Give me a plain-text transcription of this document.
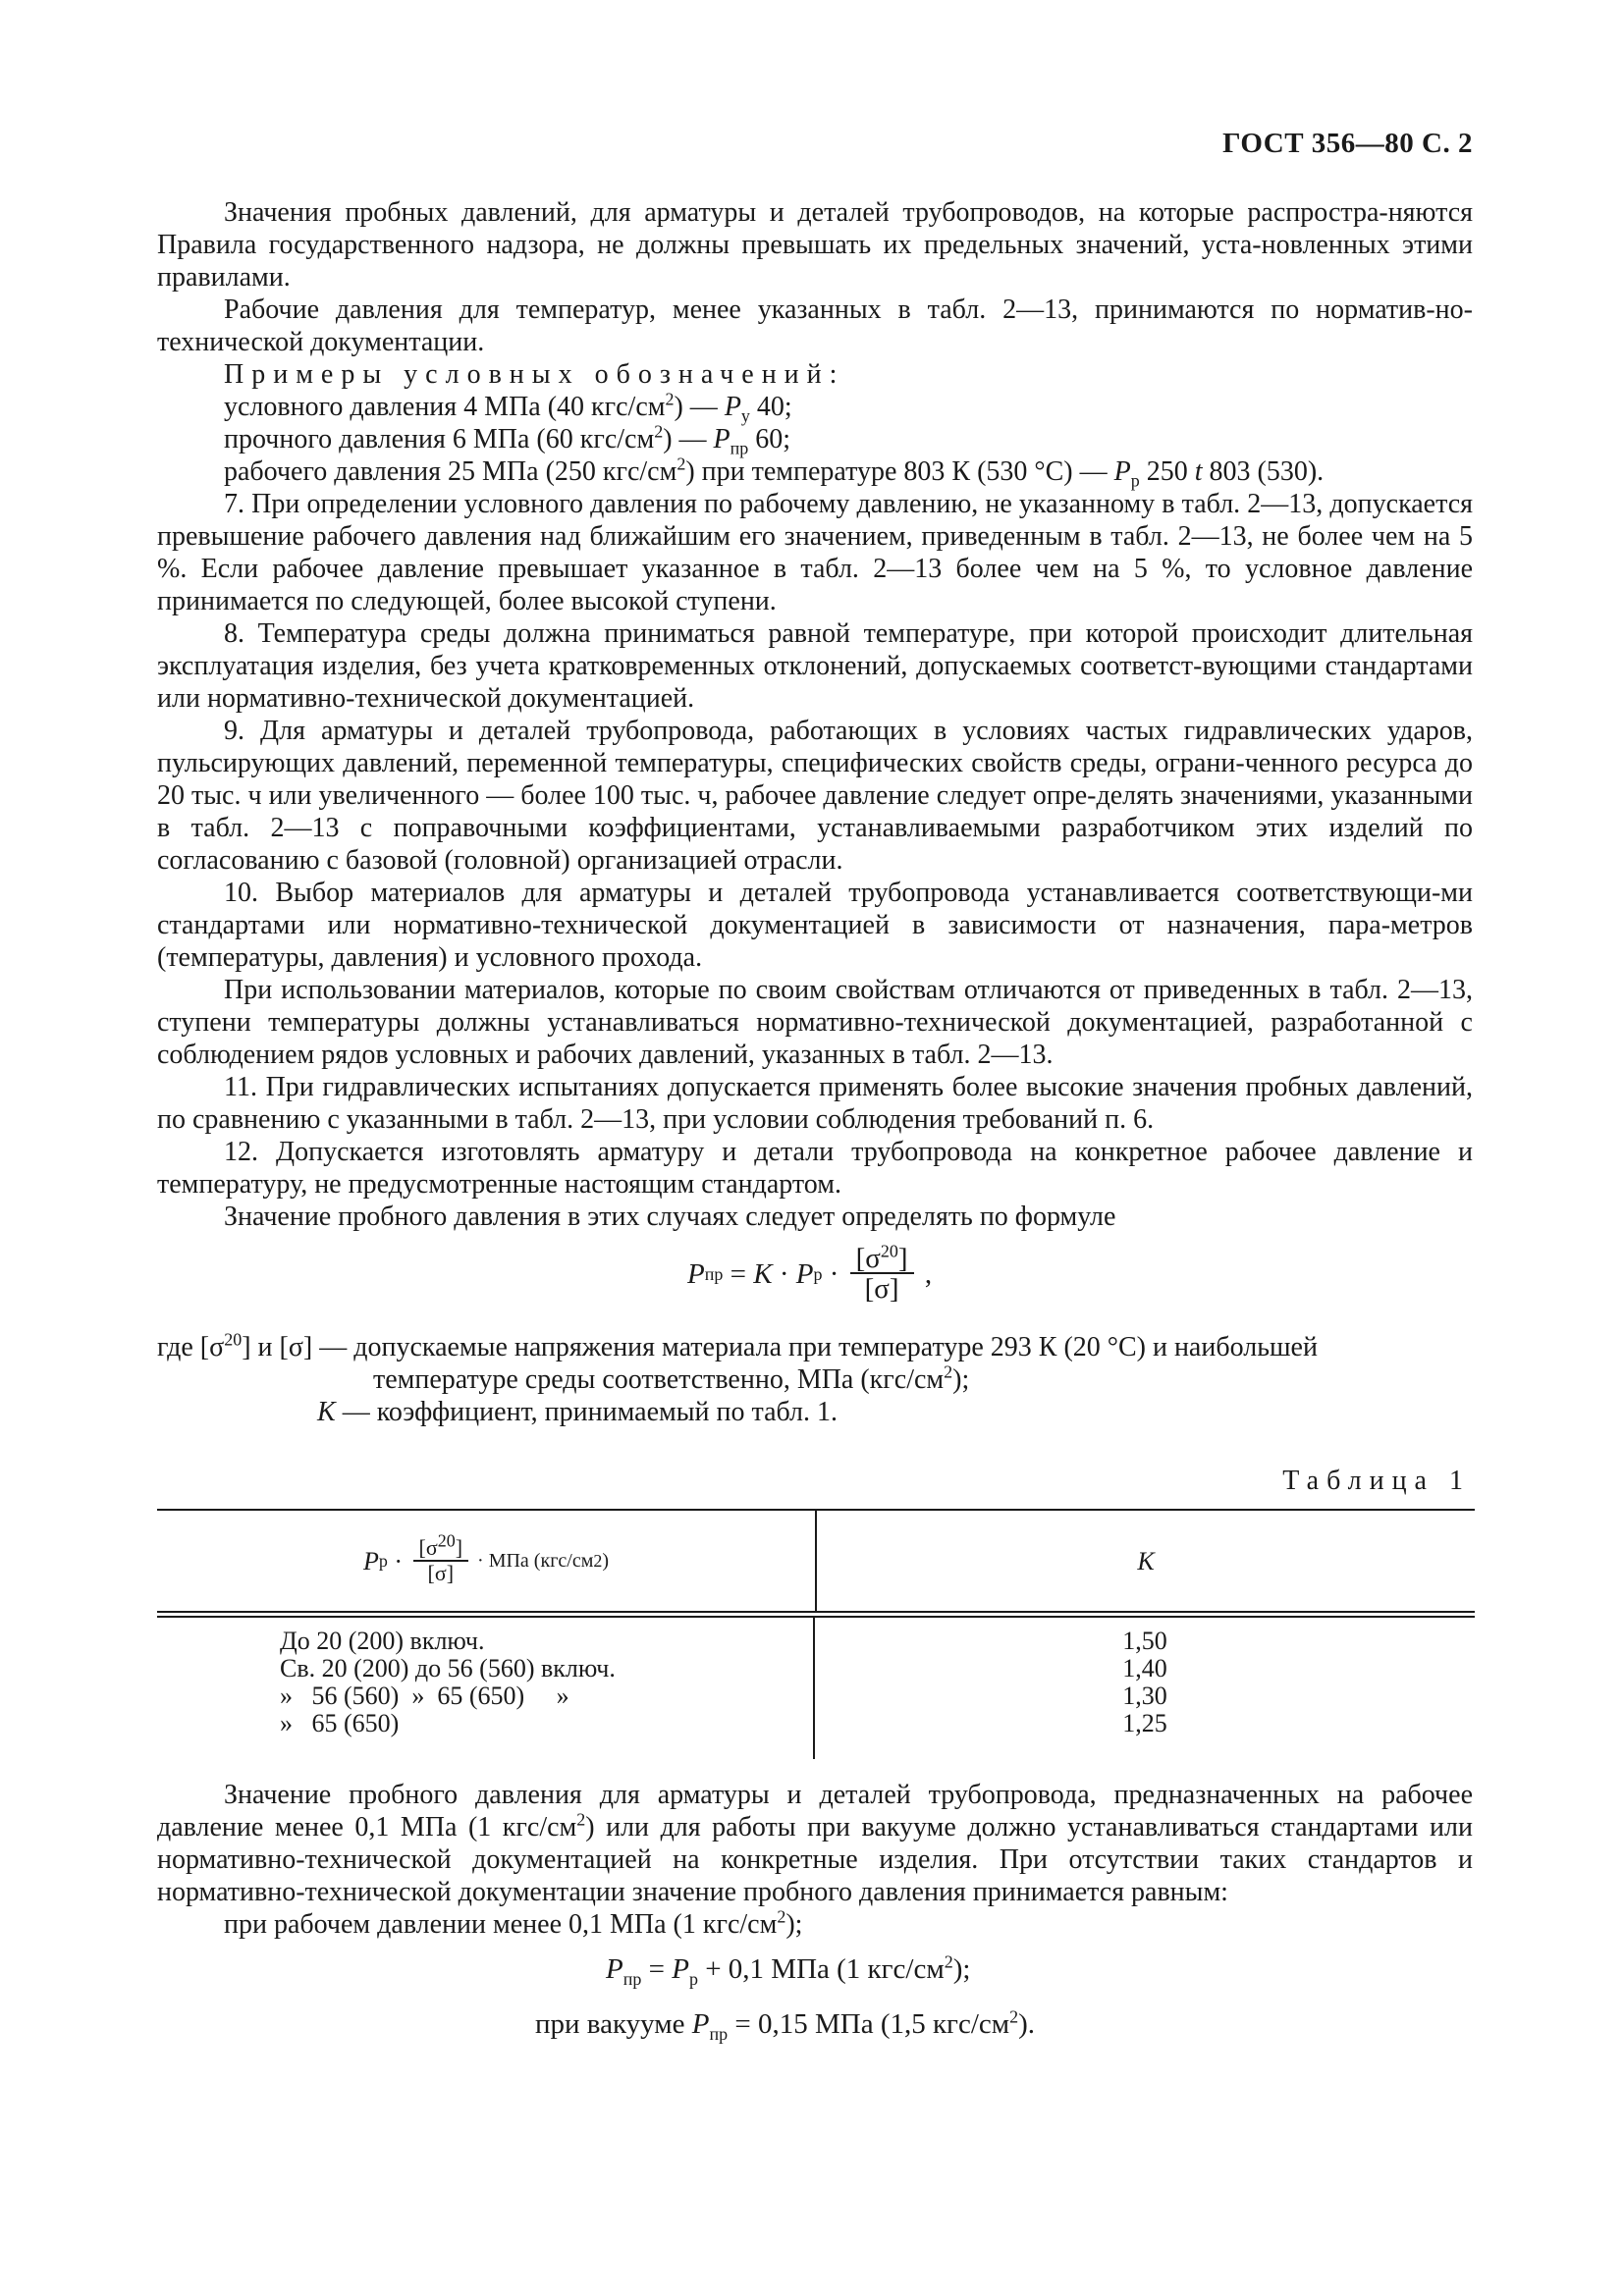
ГОСТ 356—80 С. 2

Значения пробных давлений, для арматуры и деталей трубопроводов, на которые распростра-няются Правила государственного надзора, не должны превышать их предельных значений, уста-новленных этими правилами.

Рабочие давления для температур, менее указанных в табл. 2—13, принимаются по норматив-но-технической документации.

Примеры условных обозначений:

условного давления 4 МПа (40 кгс/$см^2$) — $P_у$ 40;

прочного давления 6 МПа (60 кгс/$см^2$) — $P_{пр}$ 60;

рабочего давления 25 МПа (250 кгс/$см^2$) при температуре 803 К (530 °С) — $P_р$ 250 t 803 (530).

7. При определении условного давления по рабочему давлению, не указанному в табл. 2—13, допускается превышение рабочего давления над ближайшим его значением, приведенным в табл. 2—13, не более чем на 5 %. Если рабочее давление превышает указанное в табл. 2—13 более чем на 5 %, то условное давление принимается по следующей, более высокой ступени.

8. Температура среды должна приниматься равной температуре, при которой происходит длительная эксплуатация изделия, без учета кратковременных отклонений, допускаемых соответст-вующими стандартами или нормативно-технической документацией.

9. Для арматуры и деталей трубопровода, работающих в условиях частых гидравлических ударов, пульсирующих давлений, переменной температуры, специфических свойств среды, ограни-ченного ресурса до 20 тыс. ч или увеличенного — более 100 тыс. ч, рабочее давление следует опре-делять значениями, указанными в табл. 2—13 с поправочными коэффициентами, устанавливаемыми разработчиком этих изделий по согласованию с базовой (головной) организацией отрасли.

10. Выбор материалов для арматуры и деталей трубопровода устанавливается соответствующи-ми стандартами или нормативно-технической документацией в зависимости от назначения, пара-метров (температуры, давления) и условного прохода.

При использовании материалов, которые по своим свойствам отличаются от приведенных в табл. 2—13, ступени температуры должны устанавливаться нормативно-технической документацией, разработанной с соблюдением рядов условных и рабочих давлений, указанных в табл. 2—13.

11. При гидравлических испытаниях допускается применять более высокие значения пробных давлений, по сравнению с указанными в табл. 2—13, при условии соблюдения требований п. 6.

12. Допускается изготовлять арматуру и детали трубопровода на конкретное рабочее давление и температуру, не предусмотренные настоящим стандартом.

Значение пробного давления в этих случаях следует определять по формуле

P пр = K · P $р \cdot \frac{[\sigma^{20}]}{[\sigma]}$ ,
где $[\sigma^{20}]$ и [σ] — допускаемые напряжения материала при температуре 293 К (20 °С) и наибольшей
температуре среды соответственно, МПа $(кгс/см^2)$;
K — коэффициент, принимаемый по табл. 1.
Таблица 1
P $р \cdot \frac{[\sigma^{20}]}{[\sigma]}$ · МПа (кгс/см 2 )	K
До 20 (200) включ.
Св. 20 (200) до 56 (560) включ.
»   56 (560)  »  65 (650)     »
»   65 (650)
1,50
1,40
1,30
1,25

Значение пробного давления для арматуры и деталей трубопровода, предназначенных на рабочее давление менее 0,1 МПа (1 кгс/$см^2$) или для работы при вакууме должно устанавливаться стандартами или нормативно-технической документацией на конкретные изделия. При отсутствии таких стандартов и нормативно-технической документации значение пробного давления принимается равным:

при рабочем давлении менее 0,1 МПа (1 кгс/$см^2$);

$P_{пр} = P_р + 0,1$ МПа (1 кгс/$см^2$);
при вакууме $P_{пр} = 0,15$ МПа (1,5 кгс/$см^2$).
